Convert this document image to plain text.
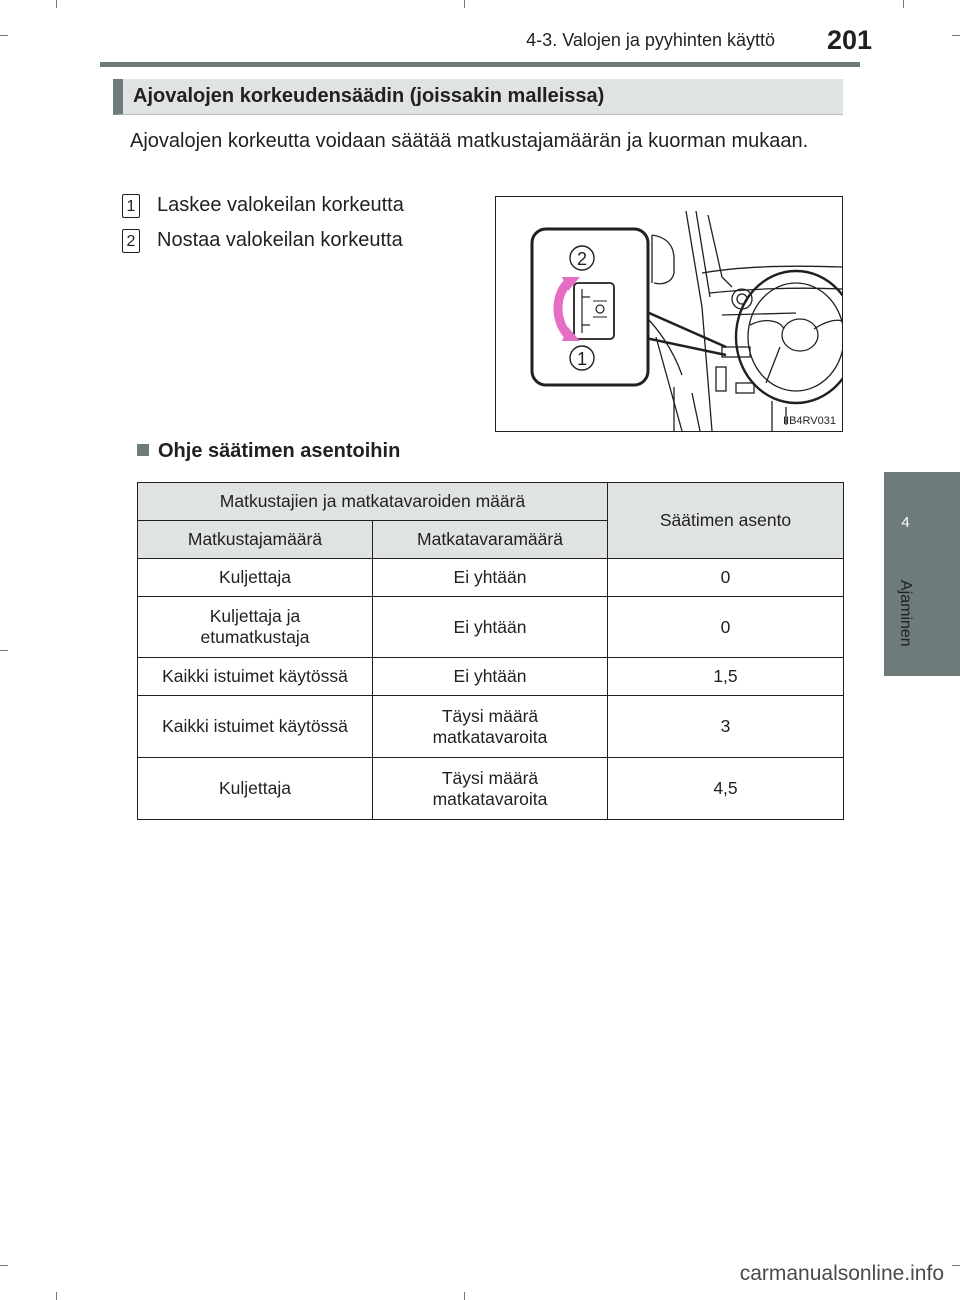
4-3. Valojen ja pyyhinten käyttö 201
4
Ajaminen
Ajovalojen korkeudensäädin (joissakin malleissa)
Ajovalojen korkeutta voidaan säätää matkustajamäärän ja kuorman mukaan.
1 Laskee valokeilan korkeutta
2 Nostaa valokeilan korkeutta
2
1
IIB4RV031
Ohje säätimen asentoihin
Matkustajien ja matkatavaroiden määrä		Säätimen asento
Matkustajamäärä	Matkatavaramäärä	
Kuljettaja	Ei yhtään	0
Kuljettaja ja etumatkustaja	Ei yhtään	0
Kaikki istuimet käytössä	Ei yhtään	1,5
Kaikki istuimet käytössä	Täysi määrä matkatavaroita	3
Kuljettaja	Täysi määrä matkatavaroita	4,5
carmanualsonline.info
